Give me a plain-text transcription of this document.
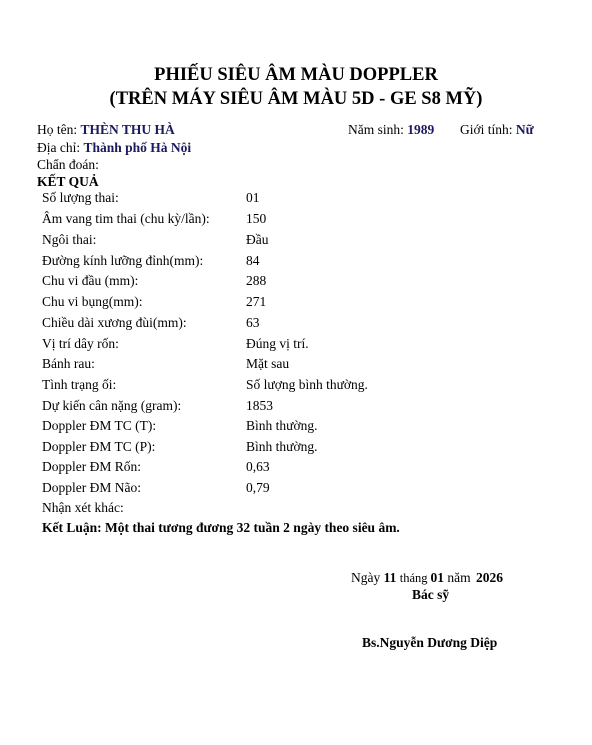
PHIẾU SIÊU ÂM MÀU DOPPLER
(TRÊN MÁY SIÊU ÂM MÀU 5D - GE S8 MỸ)
Họ tên: THÈN THU HÀ	Năm sinh: 1989 Giới tính: Nữ
Địa chỉ: Thành phố Hà Nội
Chẩn đoán:
KẾT QUẢ
Số lượng thai:	01
Âm vang tim thai (chu kỳ/lần):	150
Ngôi thai:	Đầu
Đường kính lưỡng đỉnh(mm):	84
Chu vi đầu (mm):	288
Chu vi bụng(mm):	271
Chiều dài xương đùi(mm):	63
Vị trí dây rốn:	Đúng vị trí.
Bánh rau:	Mặt sau
Tình trạng ối:	Số lượng bình thường.
Dự kiến cân nặng (gram):	1853
Doppler ĐM TC (T):	Bình thường.
Doppler ĐM TC (P):	Bình thường.
Doppler ĐM Rốn:	0,63
Doppler ĐM Não:	0,79
Nhận xét khác:
Kết Luận: Một thai tương đương 32 tuần 2 ngày theo siêu âm.
Ngày 11 tháng 01 năm 2026
Bác sỹ
Bs.Nguyễn Dương Diệp
